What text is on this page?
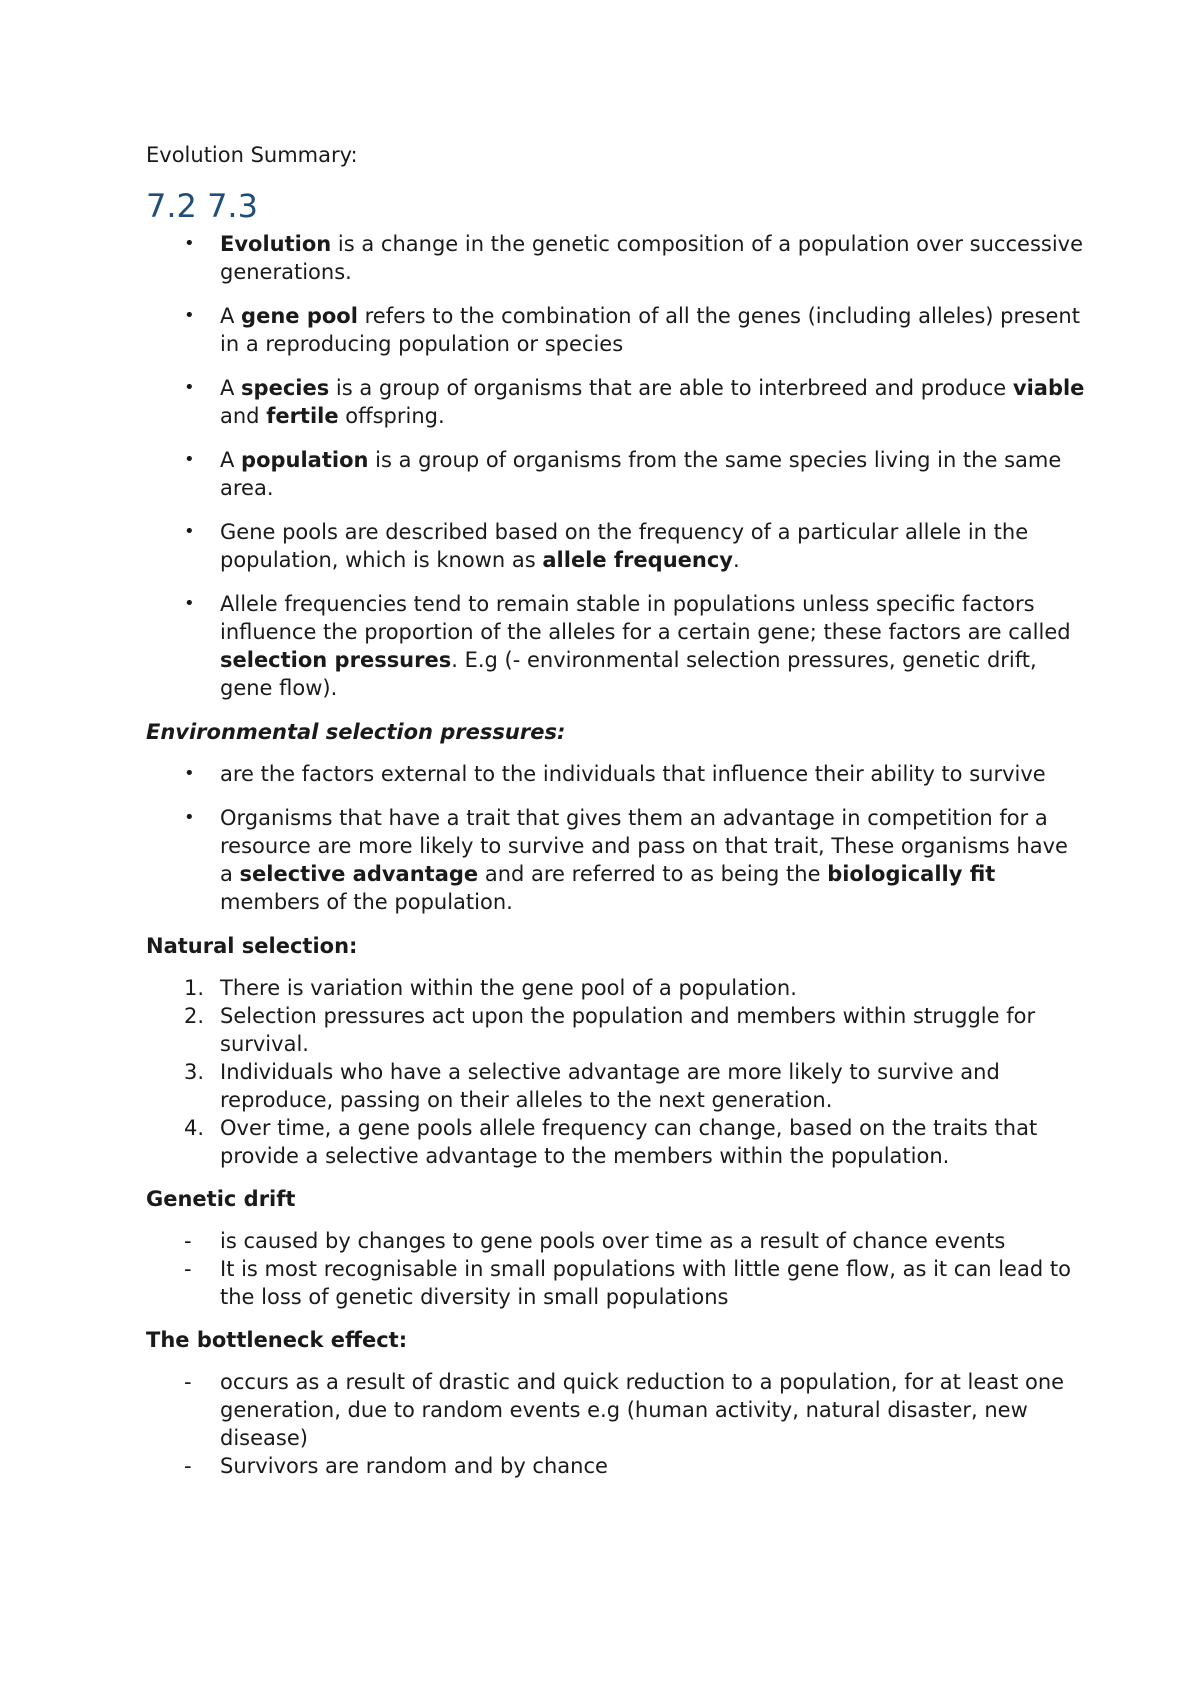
Evolution Summary:

7.2 7.3
• Evolution is a change in the genetic composition of a population over successive generations.
• A gene pool refers to the combination of all the genes (including alleles) present in a reproducing population or species
• A species is a group of organisms that are able to interbreed and produce viable and fertile offspring.
• A population is a group of organisms from the same species living in the same area.
• Gene pools are described based on the frequency of a particular allele in the population, which is known as allele frequency.
• Allele frequencies tend to remain stable in populations unless specific factors influence the proportion of the alleles for a certain gene; these factors are called selection pressures. E.g (- environmental selection pressures, genetic drift, gene flow).

Environmental selection pressures:

• are the factors external to the individuals that influence their ability to survive
• Organisms that have a trait that gives them an advantage in competition for a resource are more likely to survive and pass on that trait, These organisms have a selective advantage and are referred to as being the biologically fit members of the population.

Natural selection:

1. There is variation within the gene pool of a population.
2. Selection pressures act upon the population and members within struggle for survival.
3. Individuals who have a selective advantage are more likely to survive and reproduce, passing on their alleles to the next generation.
4. Over time, a gene pools allele frequency can change, based on the traits that provide a selective advantage to the members within the population.

Genetic drift

- is caused by changes to gene pools over time as a result of chance events
- It is most recognisable in small populations with little gene flow, as it can lead to the loss of genetic diversity in small populations

The bottleneck effect:

- occurs as a result of drastic and quick reduction to a population, for at least one generation, due to random events e.g (human activity, natural disaster, new disease)
- Survivors are random and by chance
